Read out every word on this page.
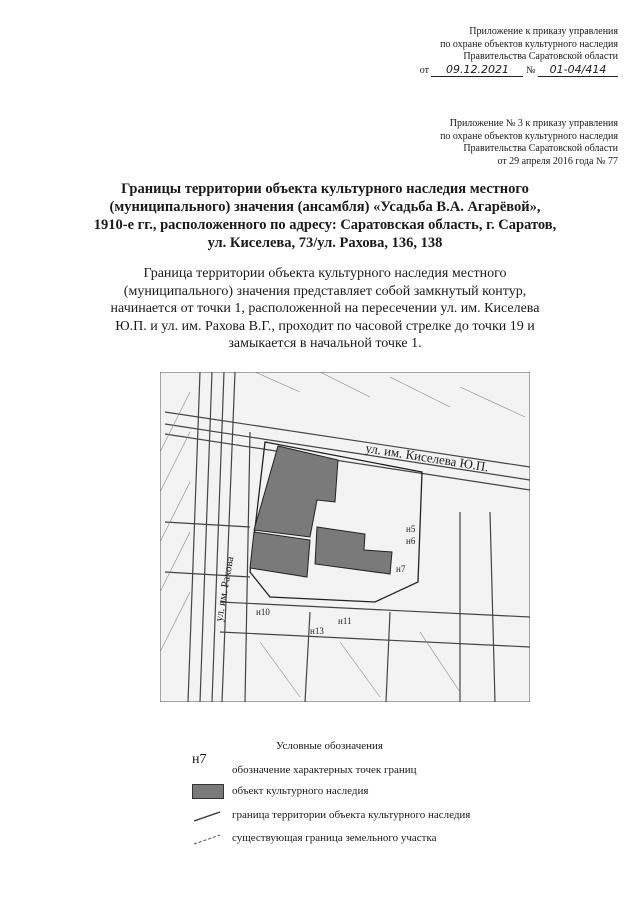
Приложение к приказу управления
по охране объектов культурного наследия
Правительства Саратовской области
от 09.12.2021 № 01-04/414
Приложение № 3 к приказу управления
по охране объектов культурного наследия
Правительства Саратовской области
от 29 апреля 2016 года № 77
Границы территории объекта культурного наследия местного
(муниципального) значения (ансамбля) «Усадьба В.А. Агарёвой»,
1910-е гг., расположенного по адресу: Саратовская область, г. Саратов,
ул. Киселева, 73/ул. Рахова, 136, 138
Граница территории объекта культурного наследия местного
(муниципального) значения представляет собой замкнутый контур,
начинается от точки 1, расположенной на пересечении ул. им. Киселева
Ю.П. и ул. им. Рахова В.Г., проходит по часовой стрелке до точки 19 и
замыкается в начальной точке 1.
ул. им. Киселева Ю.П.
ул. им. Рахова
н5
н6
н7
н10
н11
н13
Условные обозначения
н7
обозначение характерных точек границ
объект культурного наследия
граница территории объекта культурного наследия
существующая граница земельного участка
